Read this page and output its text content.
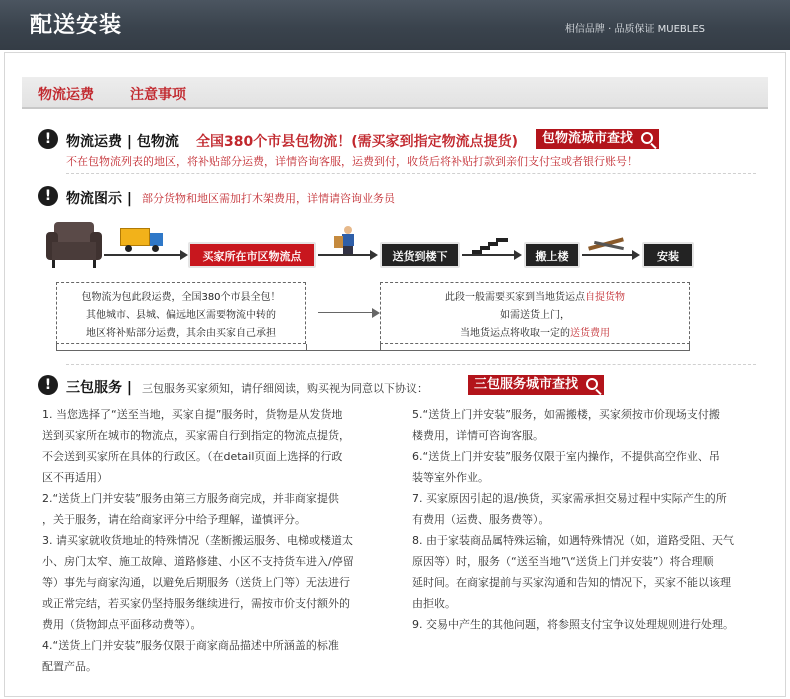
配送安装	相信品牌 · 品质保证 MUEBLES
物流运费	注意事项
!	物流运费 | 包物流 全国380个市县包物流！(需买家到指定物流点提货)	包物流城市查找
不在包物流列表的地区，将补贴部分运费，详情咨询客服，运费到付，收货后将补贴打款到亲们支付宝或者银行账号！
!	物流图示 | 部分货物和地区需加打木架费用，详情请咨询业务员
买家所在市区物流点	送货到楼下	搬上楼	安装
包物流为包此段运费，全国380个市县全包！
其他城市、县城、偏远地区需要物流中转的
地区将补贴部分运费，其余由买家自己承担
此段一般需要买家到当地货运点自提货物
如需送货上门，
当地货运点将收取一定的送货费用
!	三包服务 | 三包服务买家须知，请仔细阅读，购买视为同意以下协议：	三包服务城市查找
1. 当您选择了“送至当地，买家自提”服务时，货物是从发货地
送到买家所在城市的物流点，买家需自行到指定的物流点提货，
不会送到买家所在具体的行政区。（在detail页面上选择的行政
区不再适用）
2.“送货上门并安装”服务由第三方服务商完成，并非商家提供
，关于服务，请在给商家评分中给予理解，谨慎评分。
3. 请买家就收货地址的特殊情况（垄断搬运服务、电梯或楼道太
小、房门太窄、施工故障、道路修建、小区不支持货车进入/停留
等）事先与商家沟通，以避免后期服务（送货上门等）无法进行
或正常完结，若买家仍坚持服务继续进行，需按市价支付额外的
费用（货物卸点平面移动费等）。
4.“送货上门并安装”服务仅限于商家商品描述中所涵盖的标准
配置产品。
5.“送货上门并安装”服务，如需搬楼，买家须按市价现场支付搬
楼费用，详情可咨询客服。
6.“送货上门并安装”服务仅限于室内操作，不提供高空作业、吊
装等室外作业。
7. 买家原因引起的退/换货，买家需承担交易过程中实际产生的所
有费用（运费、服务费等）。
8. 由于家装商品属特殊运输，如遇特殊情况（如，道路受阻、天气
原因等）时，服务（“送至当地”\“送货上门并安装”）将合理顺
延时间。在商家提前与买家沟通和告知的情况下，买家不能以该理
由拒收。
9. 交易中产生的其他问题，将参照支付宝争议处理规则进行处理。
